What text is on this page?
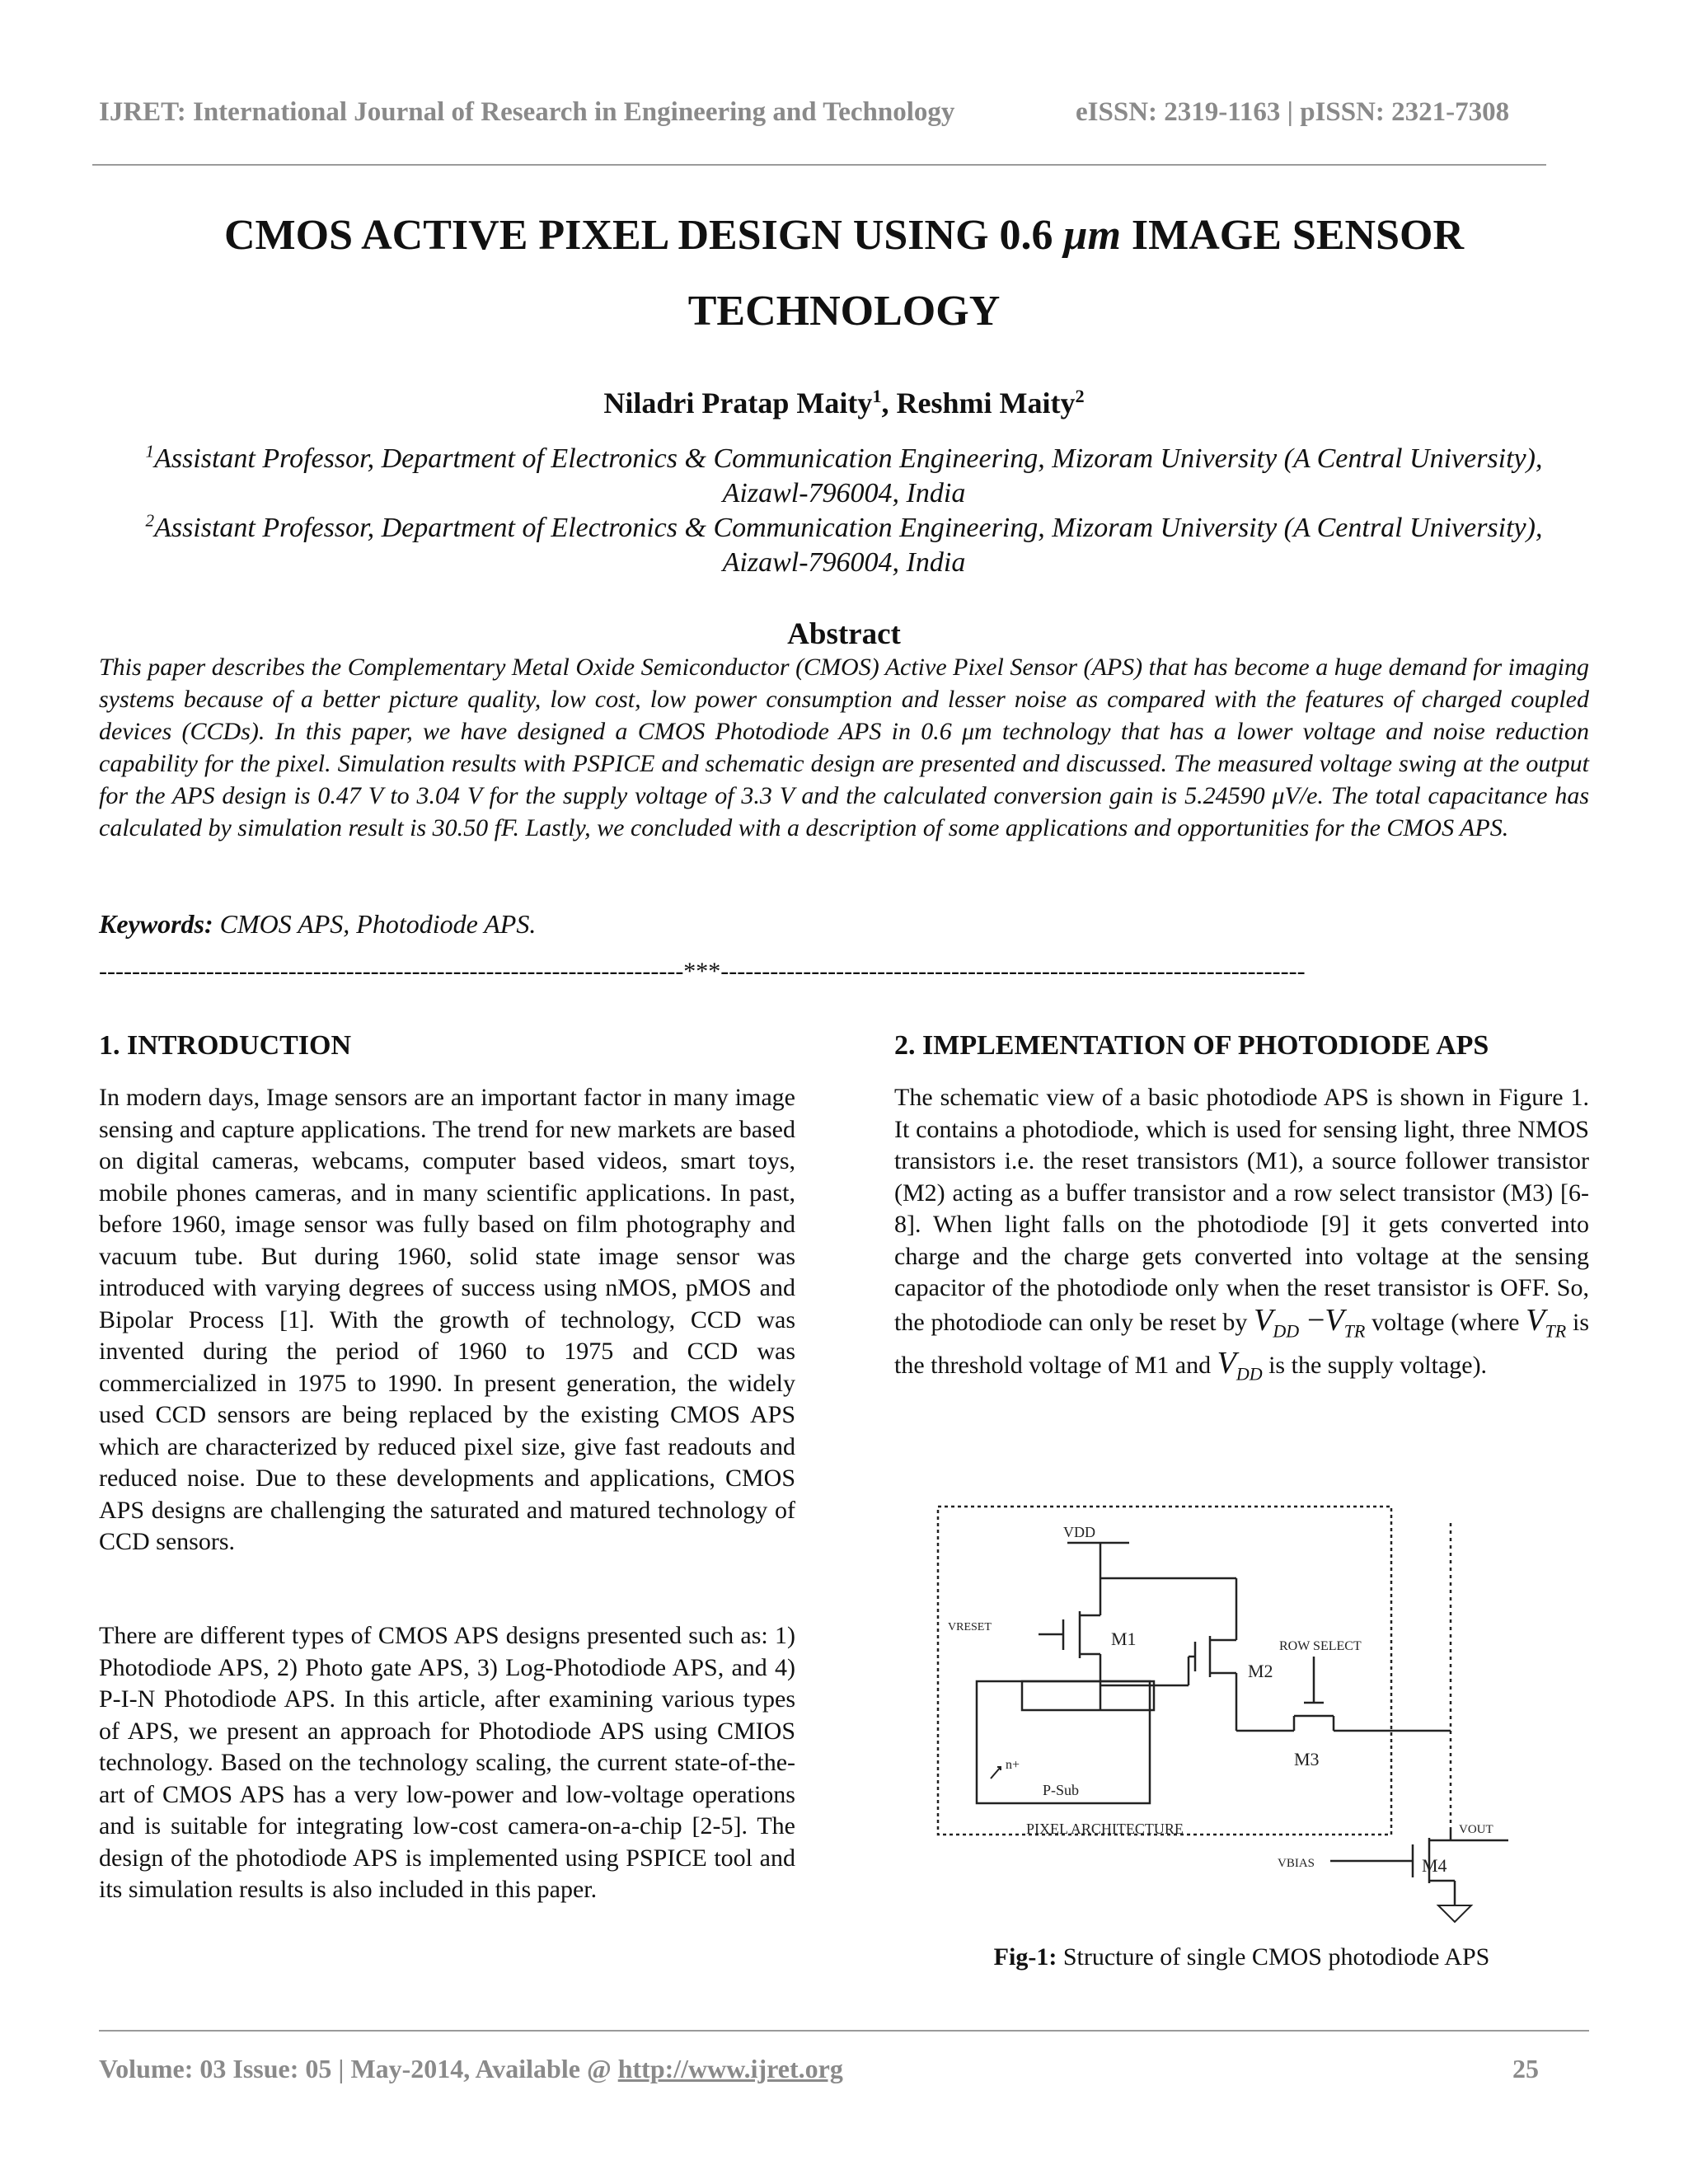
IJRET: International Journal of Research in Engineering and Technology	eISSN: 2319-1163 | pISSN: 2321-7308
CMOS ACTIVE PIXEL DESIGN USING 0.6 μm IMAGE SENSOR
TECHNOLOGY
Niladri Pratap Maity$^1$, Reshmi Maity$^2$
$^1$Assistant Professor, Department of Electronics & Communication Engineering, Mizoram University (A Central University), Aizawl-796004, India
$^2$Assistant Professor, Department of Electronics & Communication Engineering, Mizoram University (A Central University), Aizawl-796004, India
Abstract
This paper describes the Complementary Metal Oxide Semiconductor (CMOS) Active Pixel Sensor (APS) that has become a huge demand for imaging systems because of a better picture quality, low cost, low power consumption and lesser noise as compared with the features of charged coupled devices (CCDs). In this paper, we have designed a CMOS Photodiode APS in 0.6 μm technology that has a lower voltage and noise reduction capability for the pixel. Simulation results with PSPICE and schematic design are presented and discussed. The measured voltage swing at the output for the APS design is 0.47 V to 3.04 V for the supply voltage of 3.3 V and the calculated conversion gain is 5.24590 μV/e. The total capacitance has calculated by simulation result is 30.50 fF. Lastly, we concluded with a description of some applications and opportunities for the CMOS APS.
Keywords: CMOS APS, Photodiode APS.
-----------------------------------------------------------------------***-----------------------------------------------------------------------
1. INTRODUCTION
In modern days, Image sensors are an important factor in many image sensing and capture applications. The trend for new markets are based on digital cameras, webcams, computer based videos, smart toys, mobile phones cameras, and in many scientific applications. In past, before 1960, image sensor was fully based on film photography and vacuum tube. But during 1960, solid state image sensor was introduced with varying degrees of success using nMOS, pMOS and Bipolar Process [1]. With the growth of technology, CCD was invented during the period of 1960 to 1975 and CCD was commercialized in 1975 to 1990. In present generation, the widely used CCD sensors are being replaced by the existing CMOS APS which are characterized by reduced pixel size, give fast readouts and reduced noise. Due to these developments and applications, CMOS APS designs are challenging the saturated and matured technology of CCD sensors.
There are different types of CMOS APS designs presented such as: 1) Photodiode APS, 2) Photo gate APS, 3) Log-Photodiode APS, and 4) P-I-N Photodiode APS. In this article, after examining various types of APS, we present an approach for Photodiode APS using CMIOS technology. Based on the technology scaling, the current state-of-the-art of CMOS APS has a very low-power and low-voltage operations and is suitable for integrating low-cost camera-on-a-chip [2-5]. The design of the photodiode APS is implemented using PSPICE tool and its simulation results is also included in this paper.
2. IMPLEMENTATION OF PHOTODIODE APS
The schematic view of a basic photodiode APS is shown in Figure 1. It contains a photodiode, which is used for sensing light, three NMOS transistors i.e. the reset transistors (M1), a source follower transistor (M2) acting as a buffer transistor and a row select transistor (M3) [6-8]. When light falls on the photodiode [9] it gets converted into charge and the charge gets converted into voltage at the sensing capacitor of the photodiode only when the reset transistor is OFF. So, the photodiode can only be reset by $V_{DD} -V_{TR}$ voltage (where $V_{TR}$ is the threshold voltage of M1 and $V_{DD}$ is the supply voltage).
VDD
VRESET
M1
M2
ROW SELECT
M3
M4
n+
P-Sub
PIXEL ARCHITECTURE	VOUT
VBIAS
Fig-1: Structure of single CMOS photodiode APS
Volume: 03 Issue: 05 | May-2014, Available @ http://www.ijret.org	25
